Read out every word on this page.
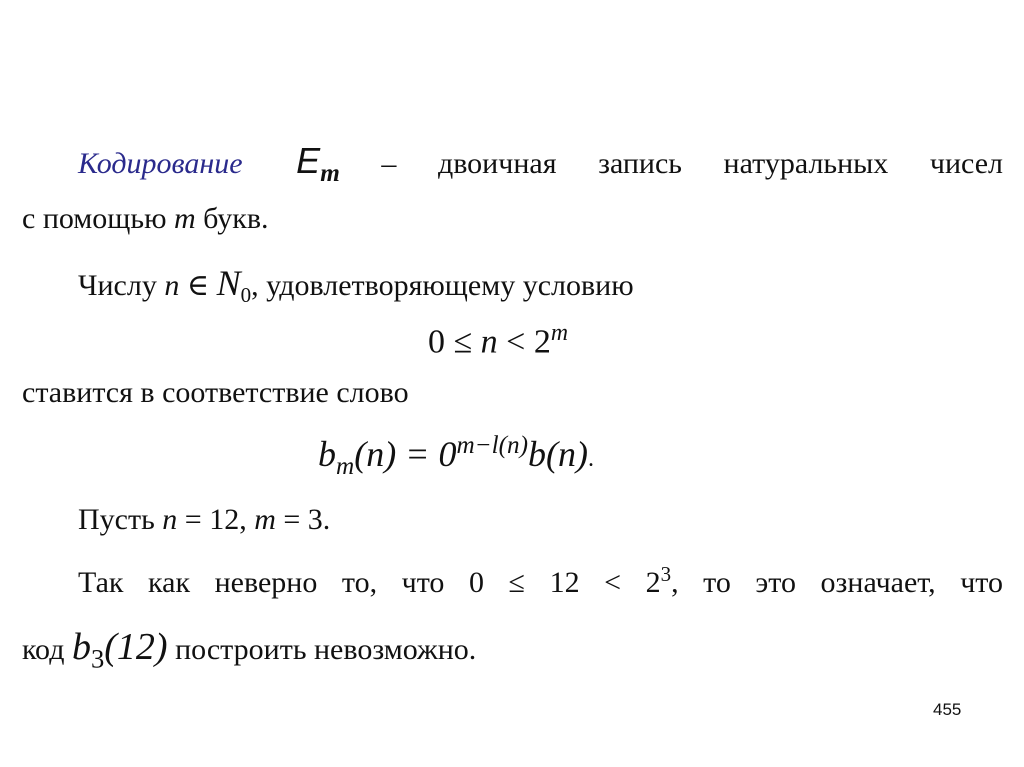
Кодирование $E_m$ – двоичная запись натуральных чисел
с помощью m букв.
Числу n ∈ $N_0$, удовлетворяющему условию
$0 \le n < 2^m$
ставится в соответствие слово
$b_m(n) = 0^{m-l(n)}b(n)$.
Пусть n = 12, m = 3.
Так как неверно то, что $0 \le 12 < 2^3$, то это означает, что
код $b_3(12)$ построить невозможно.
455
